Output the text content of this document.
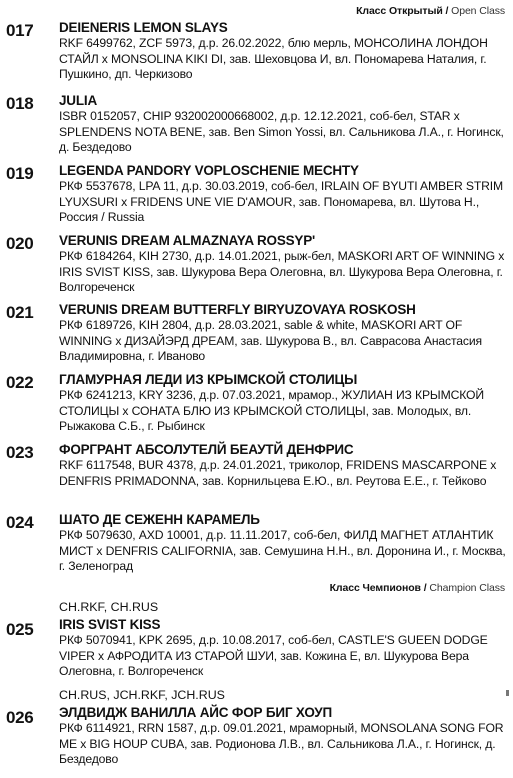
Класс Открытый / Open Class
017 DEIENERIS LEMON SLAYS
RKF 6499762, ZCF 5973, д.р. 26.02.2022, блю мерль, МОНСОЛИНА ЛОНДОН СТАЙЛ x MONSOLINA KIKI DI, зав. Шеховцова И, вл. Пономарева Наталия, г. Пушкино, дп. Черкизово
018 JULIA
ISBR 0152057, CHIP 932002000668002, д.р. 12.12.2021, соб-бел, STAR x SPLENDENS NOTA BENE, зав. Ben Simon Yossi, вл. Сальникова Л.А., г. Ногинск, д. Бездедово
019 LEGENDA PANDORY VOPLOSCHENIE MECHTY
РКФ 5537678, LPA 11, д.р. 30.03.2019, соб-бел, IRLAIN OF BYUTI AMBER STRIM LYUXSURI x FRIDENS UNE VIE D'AMOUR, зав. Пономарева, вл. Шутова Н., Россия / Russia
020 VERUNIS DREAM ALMAZNAYA ROSSYP'
РКФ 6184264, KIH 2730, д.р. 14.01.2021, рыж-бел, MASKORI ART OF WINNING x IRIS SVIST KISS, зав. Шукурова Вера Олеговна, вл. Шукурова Вера Олеговна, г. Волгореченск
021 VERUNIS DREAM BUTTERFLY BIRYUZOVAYA ROSKOSH
РКФ 6189726, KIH 2804, д.р. 28.03.2021, sable & white, MASKORI ART OF WINNING x ДИЗАЙЭРД ДРЕАМ, зав. Шукурова В., вл. Саврасова Анастасия Владимировна, г. Иваново
022 ГЛАМУРНАЯ ЛЕДИ ИЗ КРЫМСКОЙ СТОЛИЦЫ
РКФ 6241213, KRY 3236, д.р. 07.03.2021, мрамор., ЖУЛИАН ИЗ КРЫМСКОЙ СТОЛИЦЫ x СОНАТА БЛЮ ИЗ КРЫМСКОЙ СТОЛИЦЫ, зав. Молодых, вл. Рыжакова С.Б., г. Рыбинск
023 ФОРГРАНТ АБСОЛУТЕЛЙ БЕАУТЙ ДЕНФРИС
RKF 6117548, BUR 4378, д.р. 24.01.2021, триколор, FRIDENS MASCARPONE x DENFRIS PRIMADONNA, зав. Корнильцева Е.Ю., вл. Реутова Е.Е., г. Тейково
024 ШАТО ДЕ СЕЖЕНН КАРАМЕЛЬ
РКФ 5079630, AXD 10001, д.р. 11.11.2017, соб-бел, ФИЛД МАГНЕТ АТЛАНТИК МИСТ x DENFRIS CALIFORNIA, зав. Семушина Н.Н., вл. Доронина И., г. Москва, г. Зеленоград
Класс Чемпионов / Champion Class
CH.RKF, CH.RUS
025 IRIS SVIST KISS
РКФ 5070941, KPK 2695, д.р. 10.08.2017, соб-бел, CASTLE'S GUEEN DODGE VIPER x АФРОДИТА ИЗ СТАРОЙ ШУИ, зав. Кожина Е, вл. Шукурова Вера Олеговна, г. Волгореченск
CH.RUS, JCH.RKF, JCH.RUS
026 ЭЛДВИДЖ ВАНИЛЛА АЙС ФОР БИГ ХОУП
РКФ 6114921, RRN 1587, д.р. 09.01.2021, мраморный, MONSOLANA SONG FOR ME x BIG HOUP CUBA, зав. Родионова Л.В., вл. Сальникова Л.А., г. Ногинск, д. Бездедово
